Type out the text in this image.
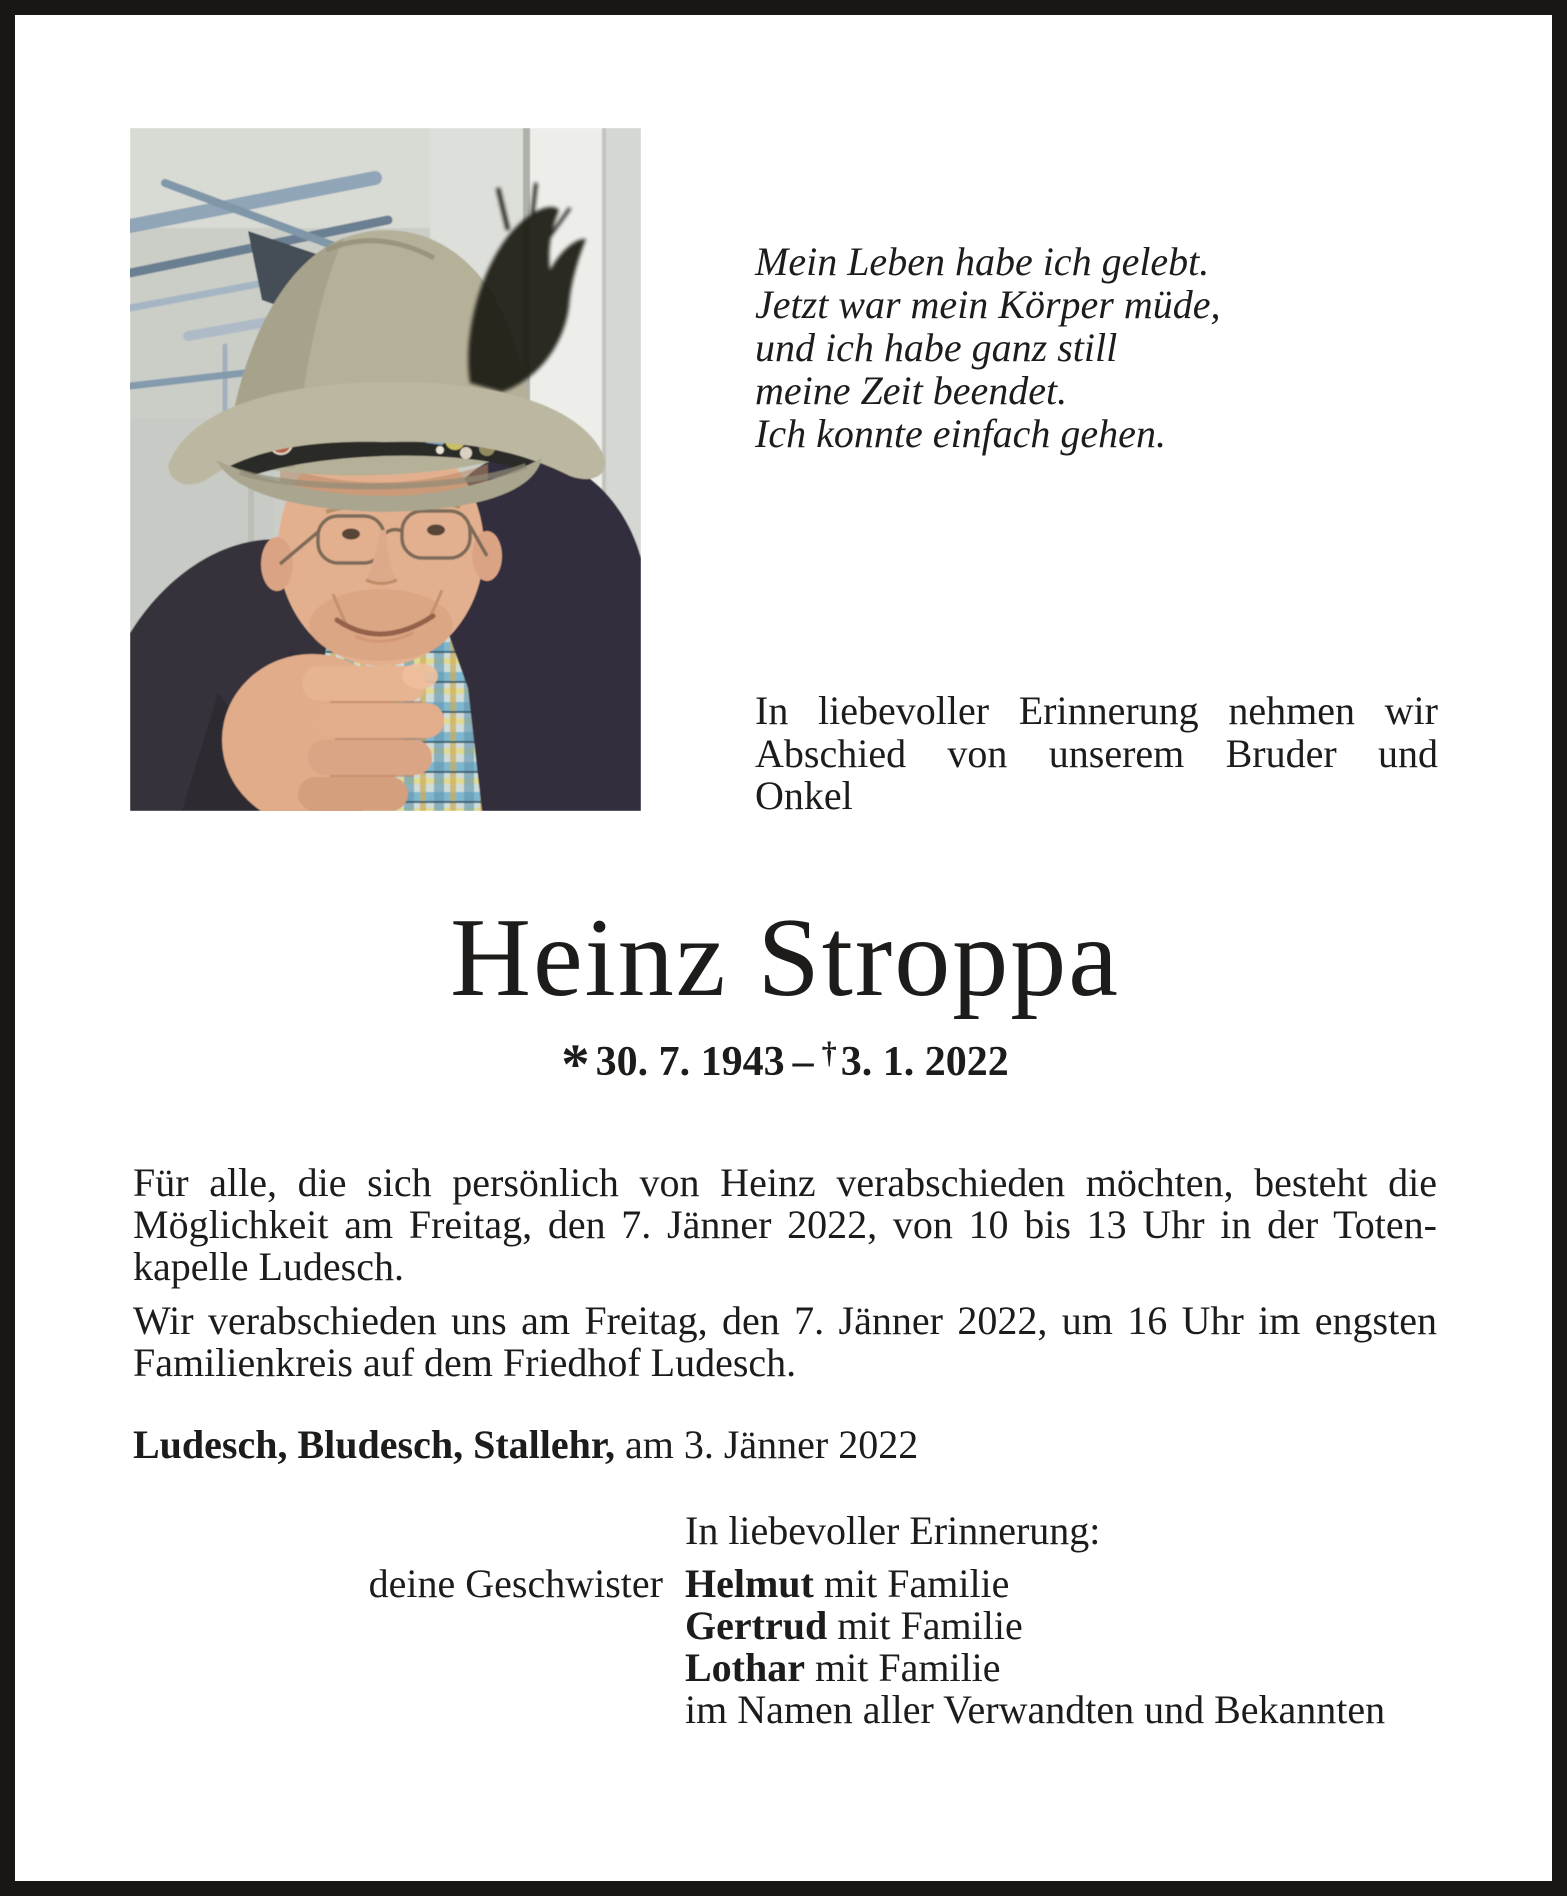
Mein Leben habe ich gelebt.
Jetzt war mein Körper müde,
und ich habe ganz still
meine Zeit beendet.
Ich konnte einfach gehen.
In liebevoller Erinnerung nehmen wir
Abschied von unserem Bruder und
Onkel
Heinz Stroppa
* 30. 7. 1943 – †3. 1. 2022
Für alle, die sich persönlich von Heinz verabschieden möchten, besteht die
Möglichkeit am Freitag, den 7. Jänner 2022, von 10 bis 13 Uhr in der Toten-
kapelle Ludesch.
Wir verabschieden uns am Freitag, den 7. Jänner 2022, um 16 Uhr im engsten
Familienkreis auf dem Friedhof Ludesch.
Ludesch, Bludesch, Stallehr, am 3. Jänner 2022
In liebevoller Erinnerung:
deine Geschwister Helmut mit Familie
Gertrud mit Familie
Lothar mit Familie
im Namen aller Verwandten und Bekannten
